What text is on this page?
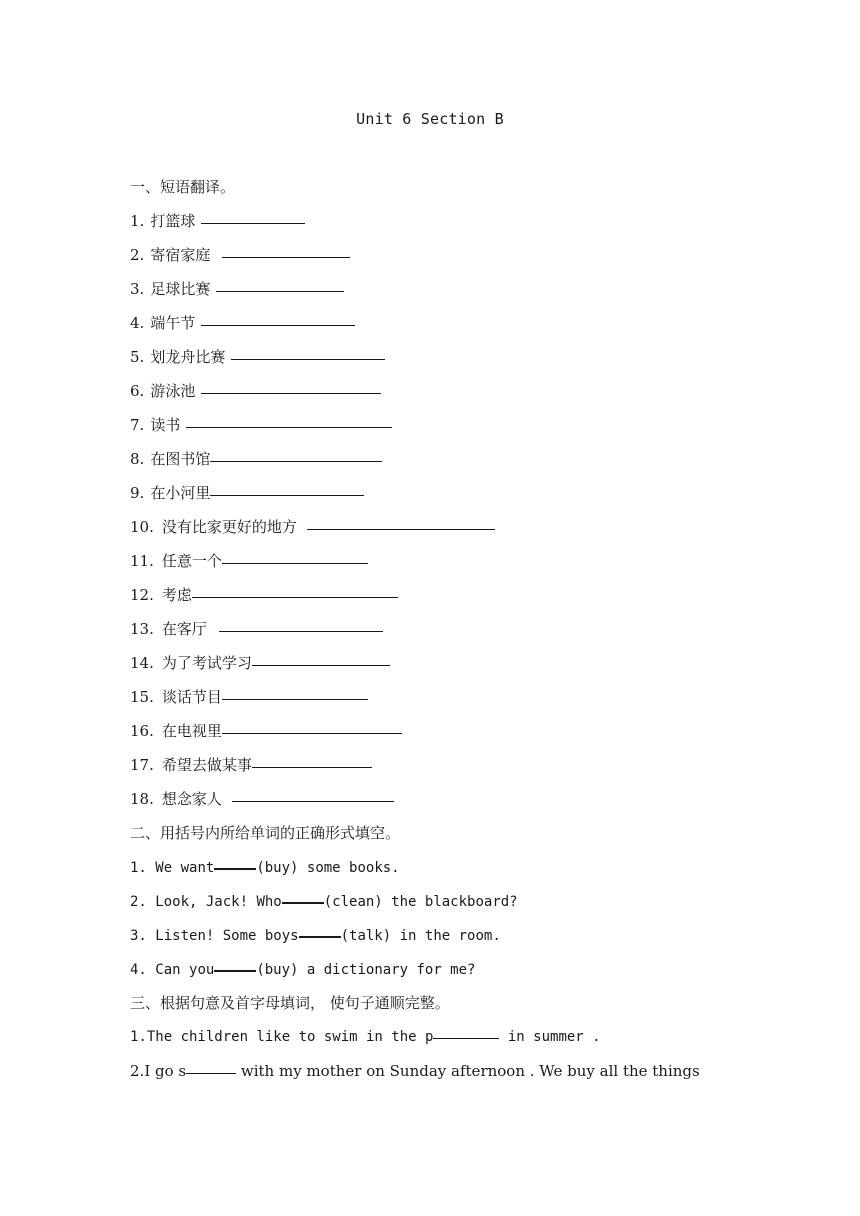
Unit 6 Section B
一、短语翻译。
1. 打篮球
2. 寄宿家庭
3. 足球比赛
4. 端午节
5. 划龙舟比赛
6. 游泳池
7. 读书
8. 在图书馆
9. 在小河里
10. 没有比家更好的地方
11. 任意一个
12. 考虑
13. 在客厅
14. 为了考试学习
15. 谈话节目
16. 在电视里
17. 希望去做某事
18. 想念家人
二、用括号内所给单词的正确形式填空。
1. We want	(buy) some books.
2. Look, Jack! Who	(clean) the blackboard?
3. Listen! Some boys	(talk) in the room.
4. Can you	(buy) a dictionary for me?
三、根据句意及首字母填词， 使句子通顺完整。
1.The children like to swim in the p	in summer .
2.I go s	with my mother on Sunday afternoon . We buy all the things
